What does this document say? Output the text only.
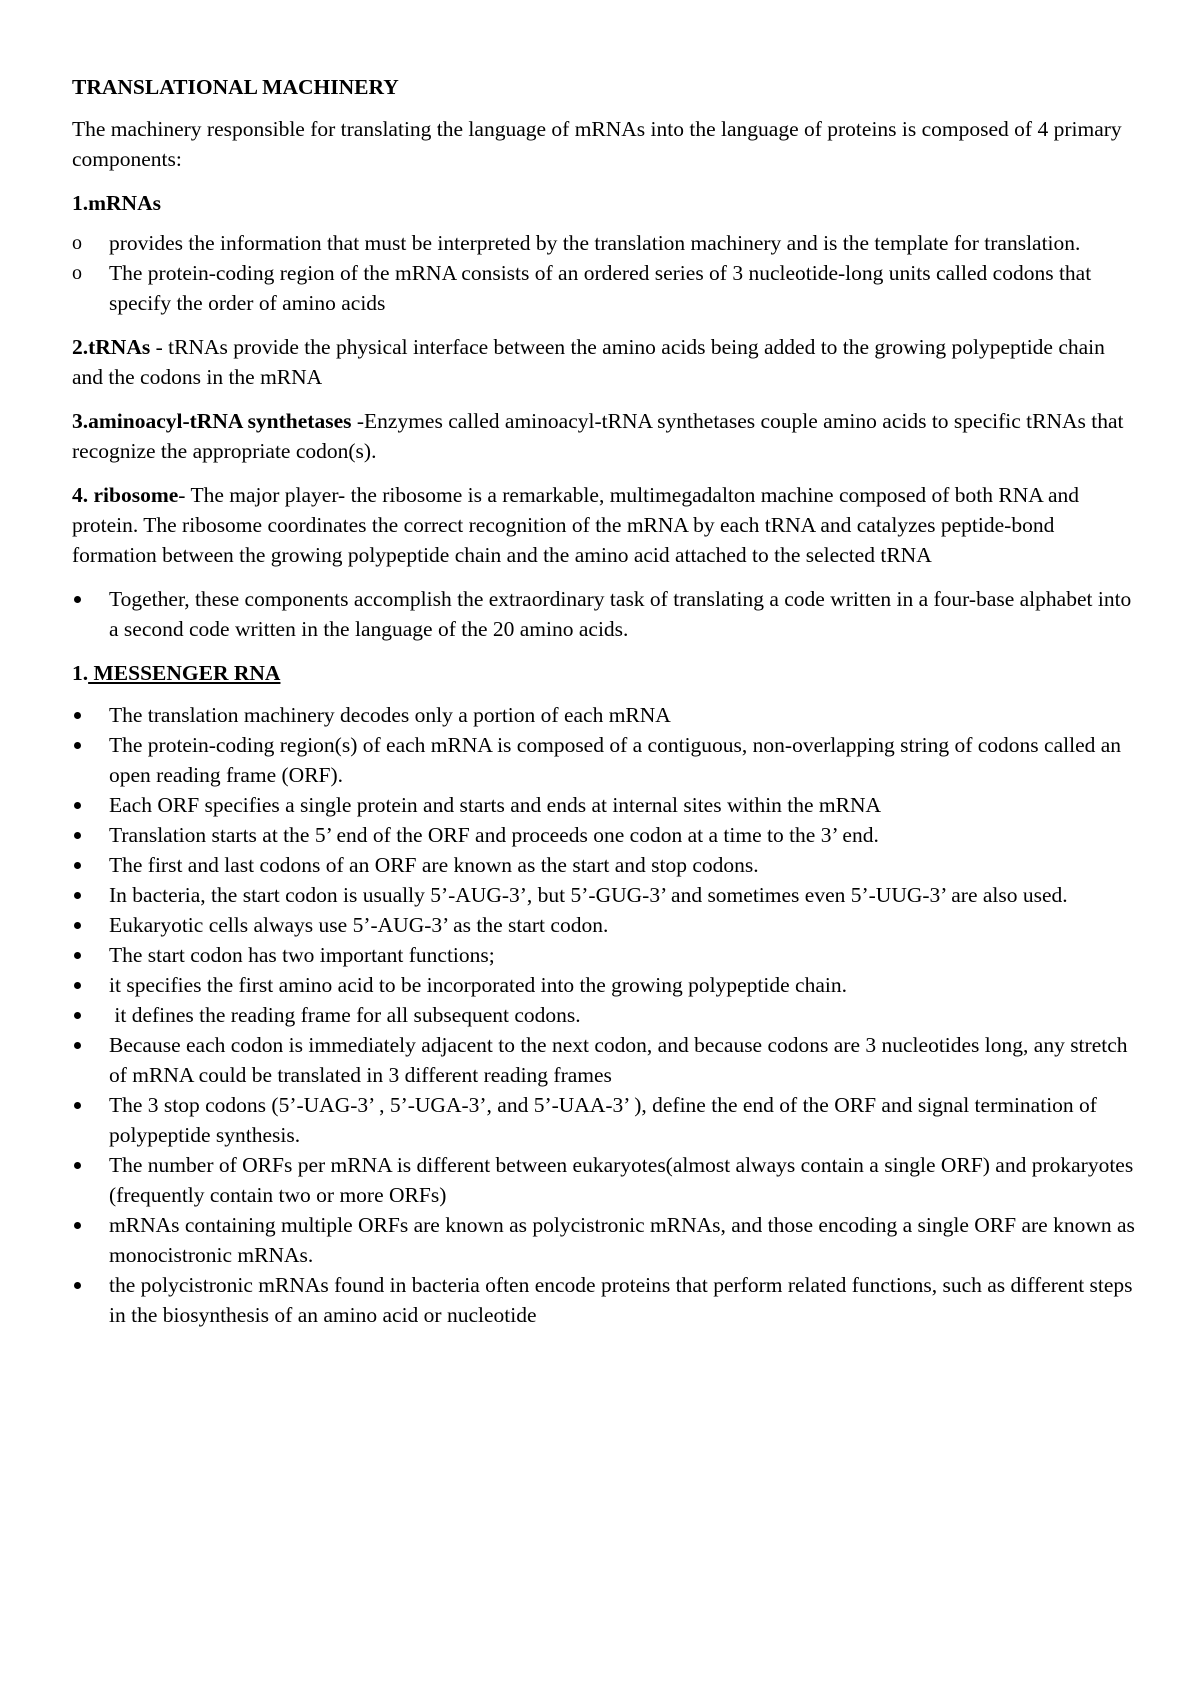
TRANSLATIONAL MACHINERY

The machinery responsible for translating the language of mRNAs into the language of proteins is composed of 4 primary components:

1.mRNAs
o	provides the information that must be interpreted by the translation machinery and is the template for translation.
o	The protein-coding region of the mRNA consists of an ordered series of 3 nucleotide-long units called codons that specify the order of amino acids

2.tRNAs - tRNAs provide the physical interface between the amino acids being added to the growing polypeptide chain and the codons in the mRNA

3.aminoacyl-tRNA synthetases -Enzymes called aminoacyl-tRNA synthetases couple amino acids to specific tRNAs that recognize the appropriate codon(s).

4. ribosome- The major player- the ribosome is a remarkable, multimegadalton machine composed of both RNA and protein. The ribosome coordinates the correct recognition of the mRNA by each tRNA and catalyzes peptide-bond formation between the growing polypeptide chain and the amino acid attached to the selected tRNA

Together, these components accomplish the extraordinary task of translating a code written in a four-base alphabet into a second code written in the language of the 20 amino acids.
1. MESSENGER RNA
The translation machinery decodes only a portion of each mRNA
The protein-coding region(s) of each mRNA is composed of a contiguous, non-overlapping string of codons called an open reading frame (ORF).
Each ORF specifies a single protein and starts and ends at internal sites within the mRNA
Translation starts at the 5’ end of the ORF and proceeds one codon at a time to the 3’ end.
The first and last codons of an ORF are known as the start and stop codons.
In bacteria, the start codon is usually 5’-AUG-3’, but 5’-GUG-3’ and sometimes even 5’-UUG-3’ are also used.
Eukaryotic cells always use 5’-AUG-3’ as the start codon.
The start codon has two important functions;
it specifies the first amino acid to be incorporated into the growing polypeptide chain.
it defines the reading frame for all subsequent codons.
Because each codon is immediately adjacent to the next codon, and because codons are 3 nucleotides long, any stretch of mRNA could be translated in 3 different reading frames
The 3 stop codons (5’-UAG-3’ , 5’-UGA-3’, and 5’-UAA-3’ ), define the end of the ORF and signal termination of polypeptide synthesis.
The number of ORFs per mRNA is different between eukaryotes(almost always contain a single ORF) and prokaryotes (frequently contain two or more ORFs)
mRNAs containing multiple ORFs are known as polycistronic mRNAs, and those encoding a single ORF are known as monocistronic mRNAs.
the polycistronic mRNAs found in bacteria often encode proteins that perform related functions, such as different steps in the biosynthesis of an amino acid or nucleotide
